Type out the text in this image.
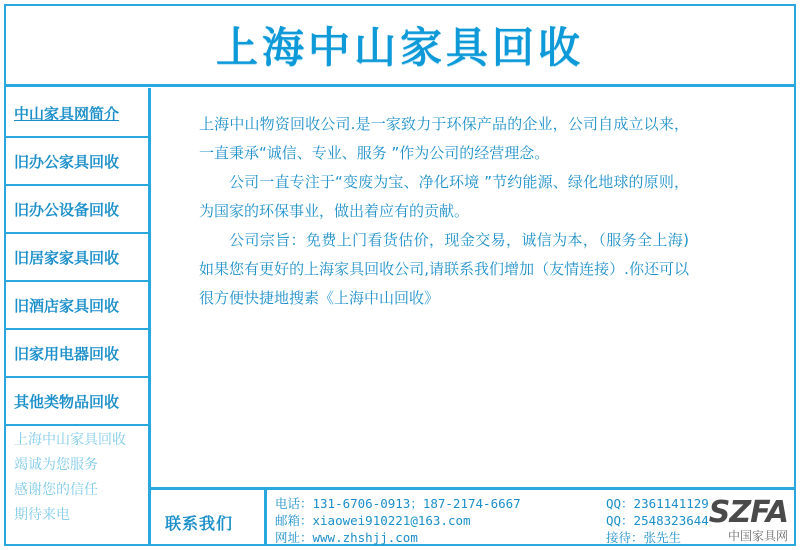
上海中山家具回收
中山家具网简介
旧办公家具回收
旧办公设备回收
旧居家家具回收
旧酒店家具回收
旧家用电器回收
其他类物品回收
上海中山家具回收
竭诚为您服务
感谢您的信任
期待来电

上海中山物资回收公司.是一家致力于环保产品的企业，公司自成立以来，一直秉承“诚信、专业、服务 ”作为公司的经营理念。

公司一直专注于“变废为宝、净化环境 ”节约能源、绿化地球的原则，为国家的环保事业，做出着应有的贡献。

公司宗旨：免费上门看货估价，现金交易，诚信为本，（服务全上海)如果您有更好的上海家具回收公司,请联系我们增加（友情连接）.你还可以很方便快捷地搜素《上海中山回收》

联系我们
电话：131-6706-0913；187-2174-6667
邮箱：xiaowei910221@163.com
网址：www.zhshjj.com
QQ：2361141129
QQ：2548323644
接待：张先生
SZFA
中国家具网
